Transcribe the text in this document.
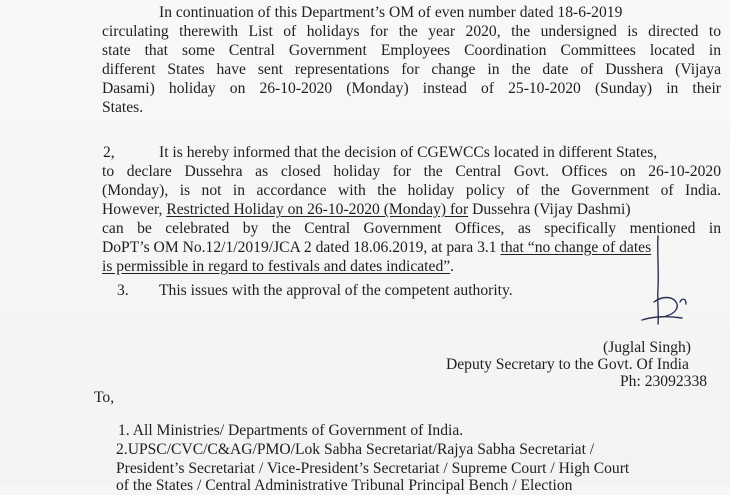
In continuation of this Department’s OM of even number dated 18-6-2019
circulating therewith List of holidays for the year 2020, the undersigned is directed to
state that some Central Government Employees Coordination Committees located in
different States have sent representations for change in the date of Dusshera (Vijaya
Dasami) holiday on 26-10-2020 (Monday) instead of 25-10-2020 (Sunday) in their
States.
2,	It is hereby informed that the decision of CGEWCCs located in different States,
to declare Dussehra as closed holiday for the Central Govt. Offices on 26-10-2020
(Monday), is not in accordance with the holiday policy of the Government of India.
However, Restricted Holiday on 26-10-2020 (Monday) for Dussehra (Vijay Dashmi)
can be celebrated by the Central Government Offices, as specifically mentioned in
DoPT’s OM No.12/1/2019/JCA 2 dated 18.06.2019, at para 3.1 that “no change of dates
is permissible in regard to festivals and dates indicated”.
3. This issues with the approval of the competent authority.
(Juglal Singh)
Deputy Secretary to the Govt. Of India
Ph: 23092338
To,
1. All Ministries/ Departments of Government of India.
2.UPSC/CVC/C&AG/PMO/Lok Sabha Secretariat/Rajya Sabha Secretariat /
President’s Secretariat / Vice-President’s Secretariat / Supreme Court / High Court
of the States / Central Administrative Tribunal Principal Bench / Election
